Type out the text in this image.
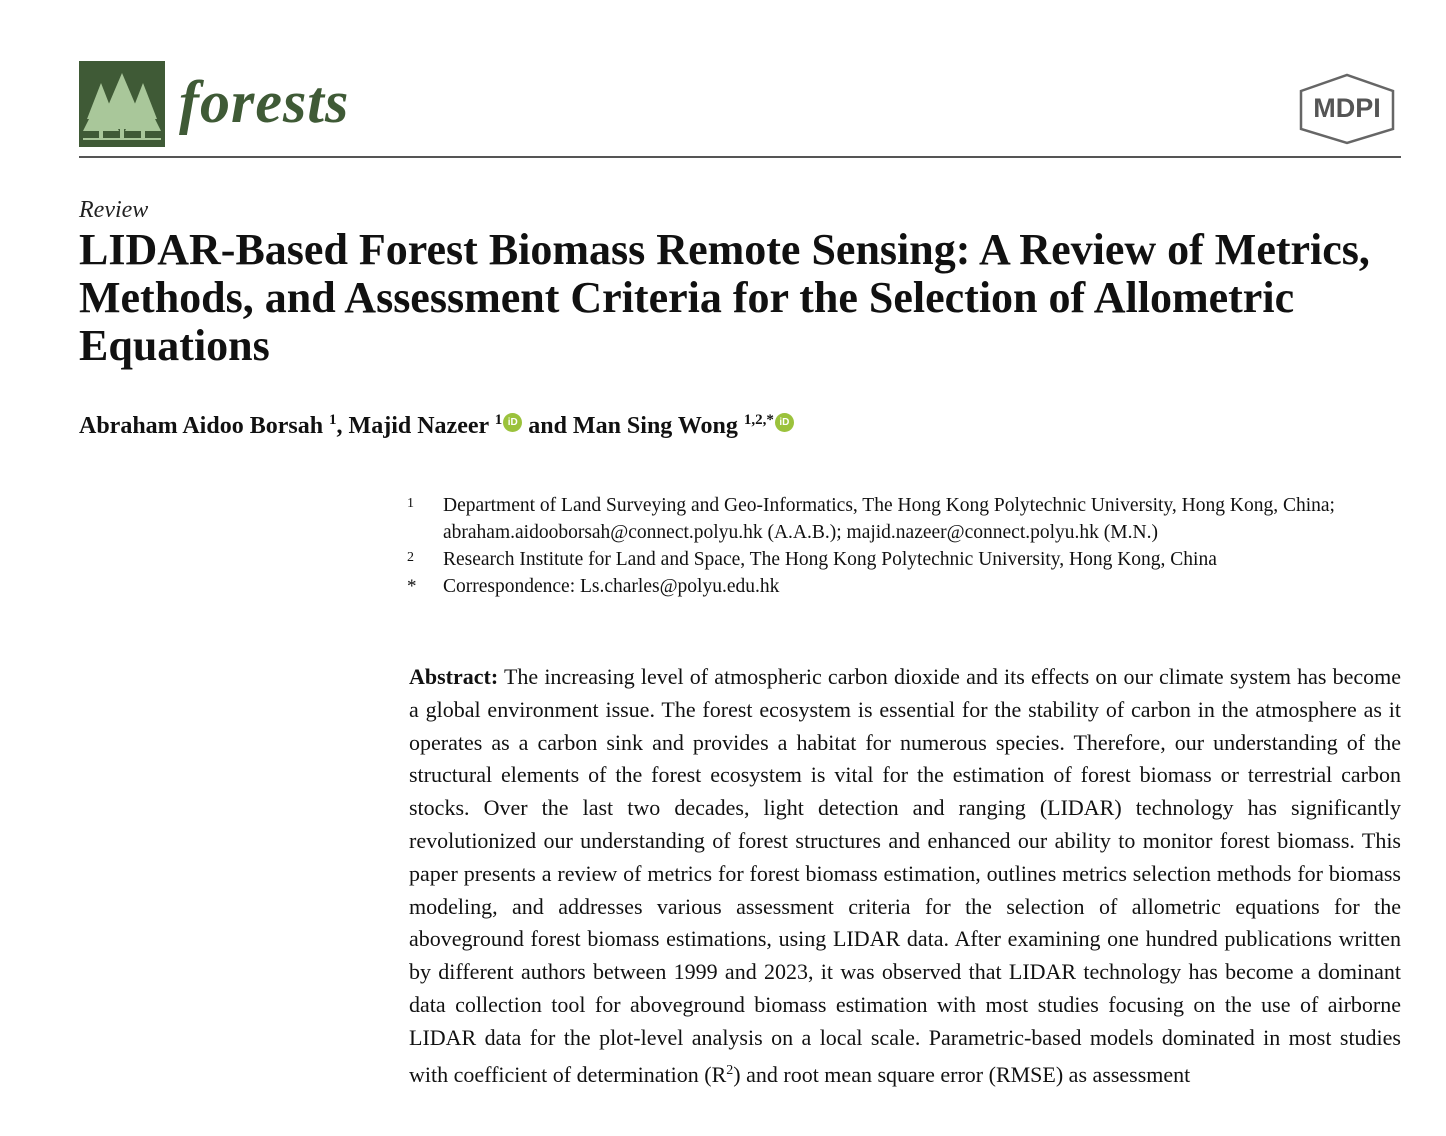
forests	MDPI
Review
LIDAR-Based Forest Biomass Remote Sensing: A Review of Metrics, Methods, and Assessment Criteria for the Selection of Allometric Equations
Abraham Aidoo Borsah $^1$, Majid Nazeer $^1$ iD and Man Sing Wong $^{1,2,*}$ iD
1 Department of Land Surveying and Geo-Informatics, The Hong Kong Polytechnic University, Hong Kong, China; abraham.aidooborsah@connect.polyu.hk (A.A.B.); majid.nazeer@connect.polyu.hk (M.N.)
2 Research Institute for Land and Space, The Hong Kong Polytechnic University, Hong Kong, China
* Correspondence: Ls.charles@polyu.edu.hk

Abstract: The increasing level of atmospheric carbon dioxide and its effects on our climate system has become a global environment issue. The forest ecosystem is essential for the stability of carbon in the atmosphere as it operates as a carbon sink and provides a habitat for numerous species. Therefore, our understanding of the structural elements of the forest ecosystem is vital for the estimation of forest biomass or terrestrial carbon stocks. Over the last two decades, light detection and ranging (LIDAR) technology has significantly revolutionized our understanding of forest structures and enhanced our ability to monitor forest biomass. This paper presents a review of metrics for forest biomass estimation, outlines metrics selection methods for biomass modeling, and addresses various assessment criteria for the selection of allometric equations for the aboveground forest biomass estimations, using LIDAR data. After examining one hundred publications written by different authors between 1999 and 2023, it was observed that LIDAR technology has become a dominant data collection tool for aboveground biomass estimation with most studies focusing on the use of airborne LIDAR data for the plot-level analysis on a local scale. Parametric-based models dominated in most studies with coefficient of determination $(R^2)$ and root mean square error (RMSE) as assessment
